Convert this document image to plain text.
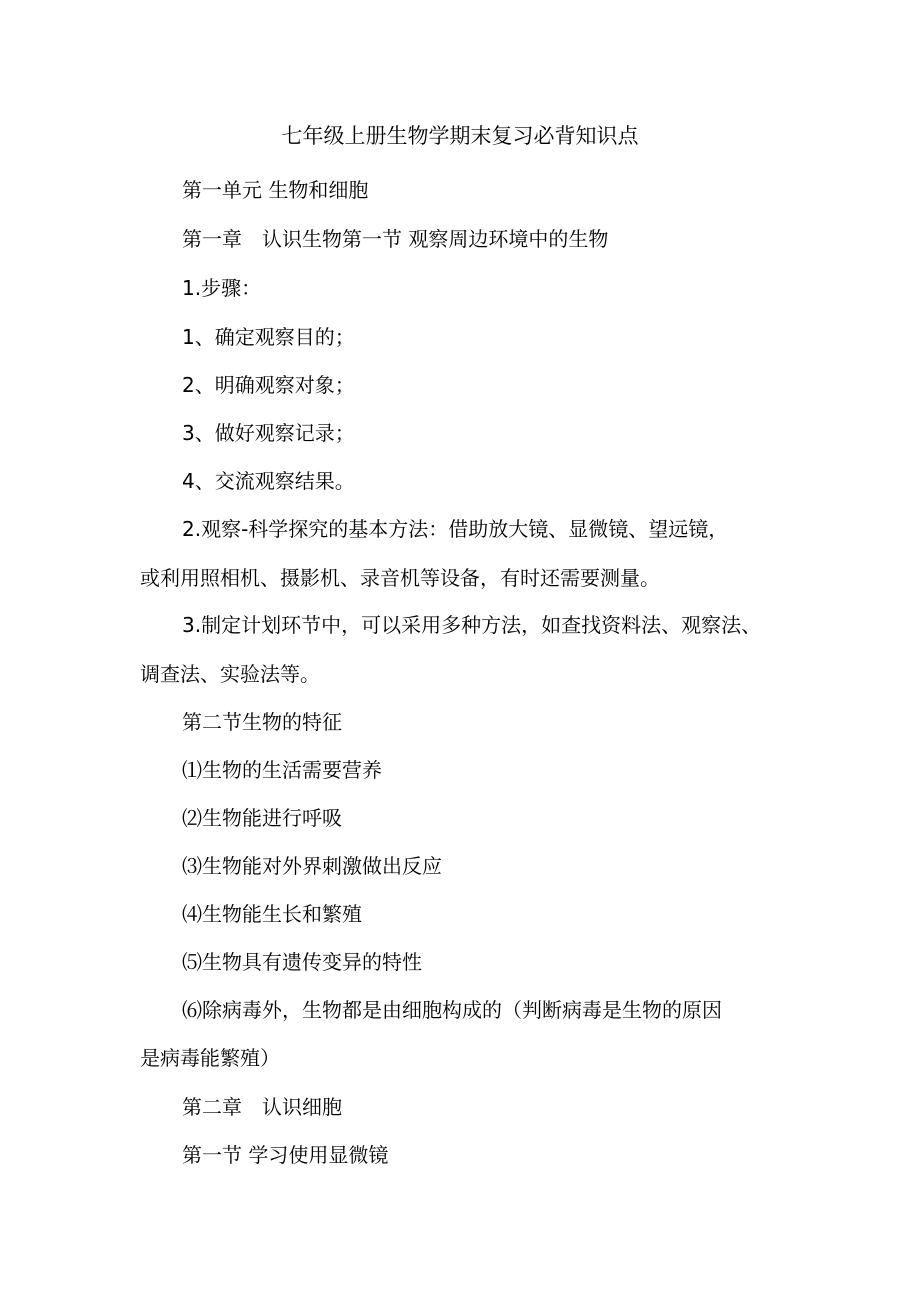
七年级上册生物学期末复习必背知识点
第一单元 生物和细胞
第一章　认识生物第一节 观察周边环境中的生物
1.步骤：
1、确定观察目的；
2、明确观察对象；
3、做好观察记录；
4、交流观察结果。
2.观察-科学探究的基本方法：借助放大镜、显微镜、望远镜，
或利用照相机、摄影机、录音机等设备，有时还需要测量。
3.制定计划环节中，可以采用多种方法，如查找资料法、观察法、
调查法、实验法等。
第二节生物的特征
⑴生物的生活需要营养
⑵生物能进行呼吸
⑶生物能对外界刺激做出反应
⑷生物能生长和繁殖
⑸生物具有遗传变异的特性
⑹除病毒外，生物都是由细胞构成的（判断病毒是生物的原因
是病毒能繁殖）
第二章　认识细胞
第一节 学习使用显微镜
